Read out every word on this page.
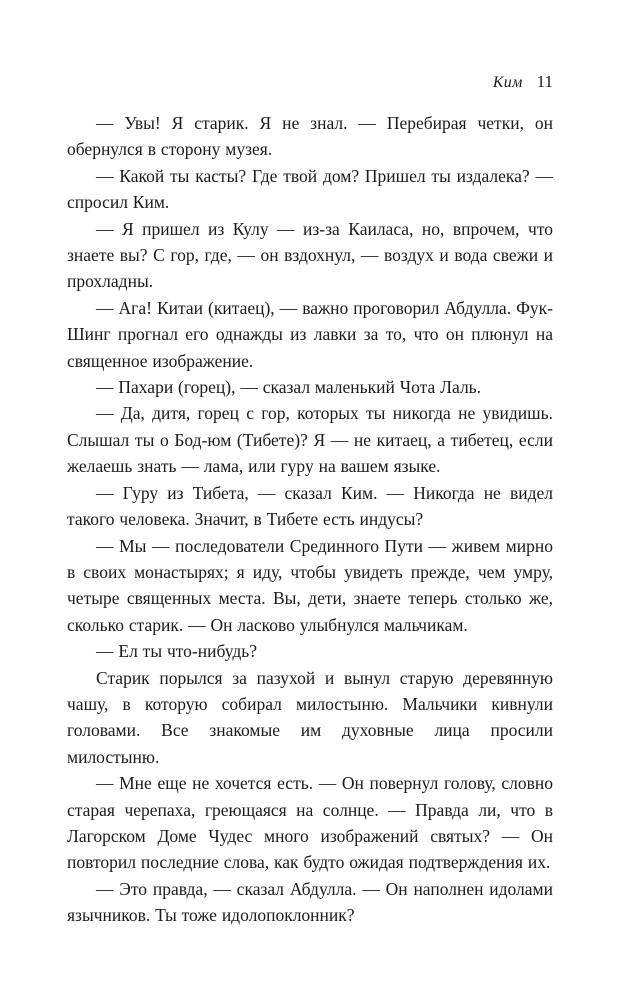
Ким 11

— Увы! Я старик. Я не знал. — Перебирая четки, он обернулся в сторону музея.

— Какой ты касты? Где твой дом? Пришел ты издалека? — спросил Ким.

— Я пришел из Кулу — из-за Каиласа, но, впрочем, что знаете вы? С гор, где, — он вздохнул, — воздух и вода свежи и прохладны.

— Ага! Китаи (китаец), — важно проговорил Абдулла. Фук-Шинг прогнал его однажды из лавки за то, что он плюнул на священное изображение.

— Пахари (горец), — сказал маленький Чота Лаль.

— Да, дитя, горец с гор, которых ты никогда не увидишь. Слышал ты о Бод-юм (Тибете)? Я — не китаец, а тибетец, если желаешь знать — лама, или гуру на вашем языке.

— Гуру из Тибета, — сказал Ким. — Никогда не видел такого человека. Значит, в Тибете есть индусы?

— Мы — последователи Срединного Пути — живем мирно в своих монастырях; я иду, чтобы увидеть прежде, чем умру, четыре священных места. Вы, дети, знаете теперь столько же, сколько старик. — Он ласково улыбнулся мальчикам.

— Ел ты что-нибудь?

Старик порылся за пазухой и вынул старую деревянную чашу, в которую собирал милостыню. Мальчики кивнули головами. Все знакомые им духовные лица просили милостыню.

— Мне еще не хочется есть. — Он повернул голову, словно старая черепаха, греющаяся на солнце. — Правда ли, что в Лагорском Доме Чудес много изображений святых? — Он повторил последние слова, как будто ожидая подтверждения их.

— Это правда, — сказал Абдулла. — Он наполнен идолами язычников. Ты тоже идолопоклонник?
